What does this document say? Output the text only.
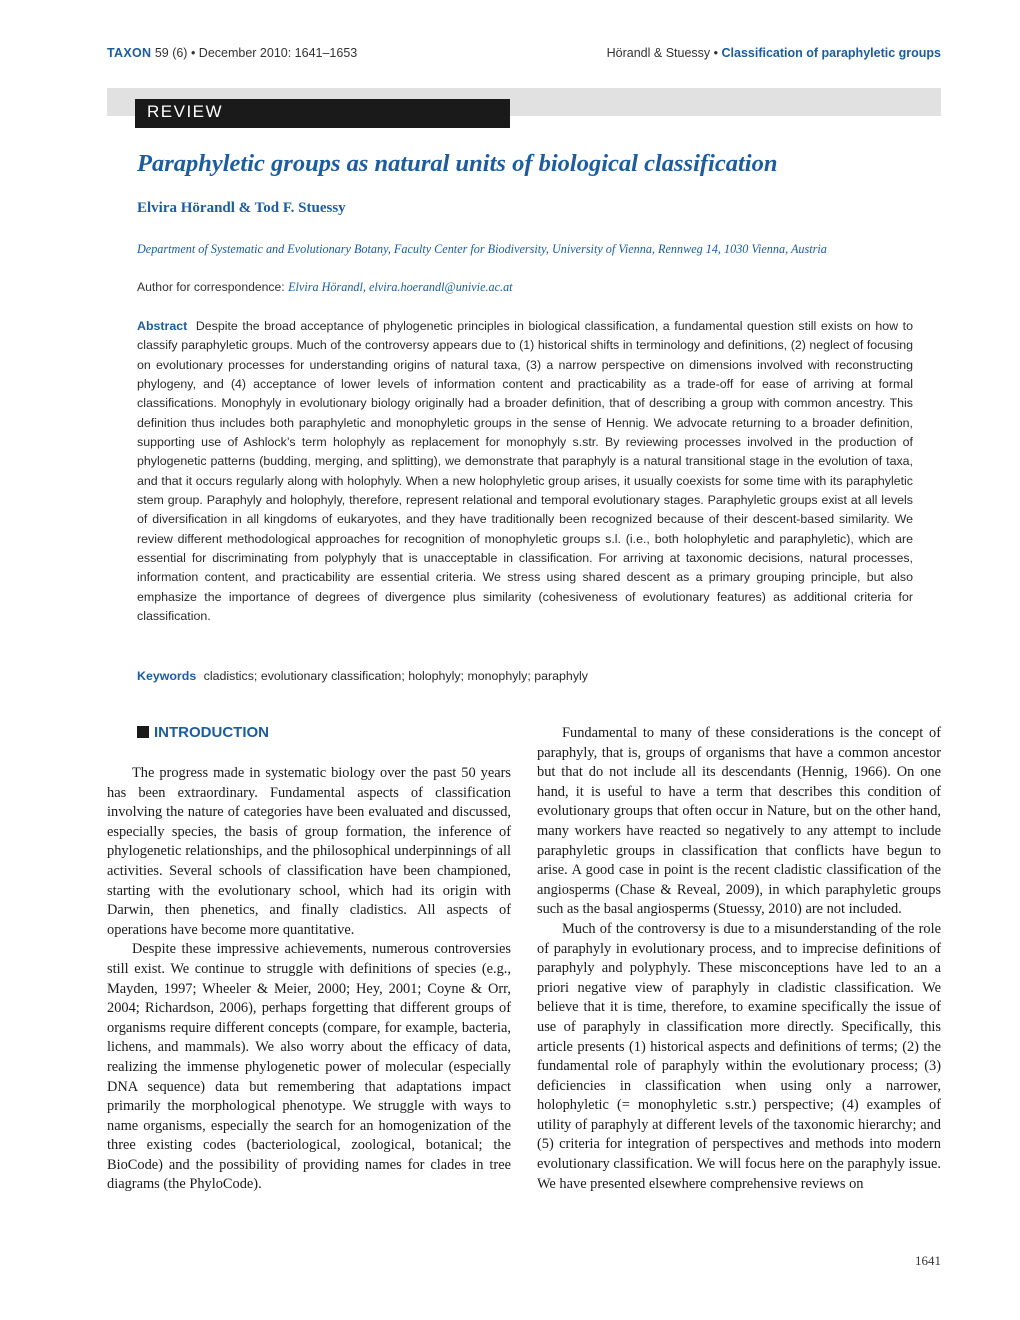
TAXON 59 (6) • December 2010: 1641–1653	Hörandl & Stuessy • Classification of paraphyletic groups
REVIEW
Paraphyletic groups as natural units of biological classification
Elvira Hörandl & Tod F. Stuessy
Department of Systematic and Evolutionary Botany, Faculty Center for Biodiversity, University of Vienna, Rennweg 14, 1030 Vienna, Austria
Author for correspondence: Elvira Hörandl, elvira.hoerandl@univie.ac.at

Abstract Despite the broad acceptance of phylogenetic principles in biological classification, a fundamental question still exists on how to classify paraphyletic groups. Much of the controversy appears due to (1) historical shifts in terminology and definitions, (2) neglect of focusing on evolutionary processes for understanding origins of natural taxa, (3) a narrow perspective on dimensions involved with reconstructing phylogeny, and (4) acceptance of lower levels of information content and practicability as a trade-off for ease of arriving at formal classifications. Monophyly in evolutionary biology originally had a broader definition, that of describing a group with common ancestry. This definition thus includes both paraphyletic and monophyletic groups in the sense of Hennig. We advocate returning to a broader definition, supporting use of Ashlock’s term holophyly as replacement for monophyly s.str. By reviewing processes involved in the production of phylogenetic patterns (budding, merging, and splitting), we demonstrate that paraphyly is a natural transitional stage in the evolution of taxa, and that it occurs regularly along with holophyly. When a new holophyletic group arises, it usually coexists for some time with its paraphyletic stem group. Paraphyly and holophyly, therefore, represent relational and temporal evolutionary stages. Paraphyletic groups exist at all levels of diversification in all kingdoms of eukaryotes, and they have traditionally been recognized because of their descent-based similarity. We review different methodological approaches for recognition of monophyletic groups s.l. (i.e., both holophyletic and paraphyletic), which are essential for discriminating from polyphyly that is unacceptable in classification. For arriving at taxonomic decisions, natural processes, information content, and practicability are essential criteria. We stress using shared descent as a primary grouping principle, but also emphasize the importance of degrees of divergence plus similarity (cohesiveness of evolutionary features) as additional criteria for classification.

Keywords cladistics; evolutionary classification; holophyly; monophyly; paraphyly
INTRODUCTION

The progress made in systematic biology over the past 50 years has been extraordinary. Fundamental aspects of classification involving the nature of categories have been evaluated and discussed, especially species, the basis of group formation, the inference of phylogenetic relationships, and the philosophical underpinnings of all activities. Several schools of classification have been championed, starting with the evolutionary school, which had its origin with Darwin, then phenetics, and finally cladistics. All aspects of operations have become more quantitative.

Despite these impressive achievements, numerous controversies still exist. We continue to struggle with definitions of species (e.g., Mayden, 1997; Wheeler & Meier, 2000; Hey, 2001; Coyne & Orr, 2004; Richardson, 2006), perhaps forgetting that different groups of organisms require different concepts (compare, for example, bacteria, lichens, and mammals). We also worry about the efficacy of data, realizing the immense phylogenetic power of molecular (especially DNA sequence) data but remembering that adaptations impact primarily the morphological phenotype. We struggle with ways to name organisms, especially the search for an homogenization of the three existing codes (bacteriological, zoological, botanical; the BioCode) and the possibility of providing names for clades in tree diagrams (the PhyloCode).

Fundamental to many of these considerations is the concept of paraphyly, that is, groups of organisms that have a common ancestor but that do not include all its descendants (Hennig, 1966). On one hand, it is useful to have a term that describes this condition of evolutionary groups that often occur in Nature, but on the other hand, many workers have reacted so negatively to any attempt to include paraphyletic groups in classification that conflicts have begun to arise. A good case in point is the recent cladistic classification of the angiosperms (Chase & Reveal, 2009), in which paraphyletic groups such as the basal angiosperms (Stuessy, 2010) are not included.

Much of the controversy is due to a misunderstanding of the role of paraphyly in evolutionary process, and to imprecise definitions of paraphyly and polyphyly. These misconceptions have led to an a priori negative view of paraphyly in cladistic classification. We believe that it is time, therefore, to examine specifically the issue of use of paraphyly in classification more directly. Specifically, this article presents (1) historical aspects and definitions of terms; (2) the fundamental role of paraphyly within the evolutionary process; (3) deficiencies in classification when using only a narrower, holophyletic (= monophyletic s.str.) perspective; (4) examples of utility of paraphyly at different levels of the taxonomic hierarchy; and (5) criteria for integration of perspectives and methods into modern evolutionary classification. We will focus here on the paraphyly issue. We have presented elsewhere comprehensive reviews on

1641
